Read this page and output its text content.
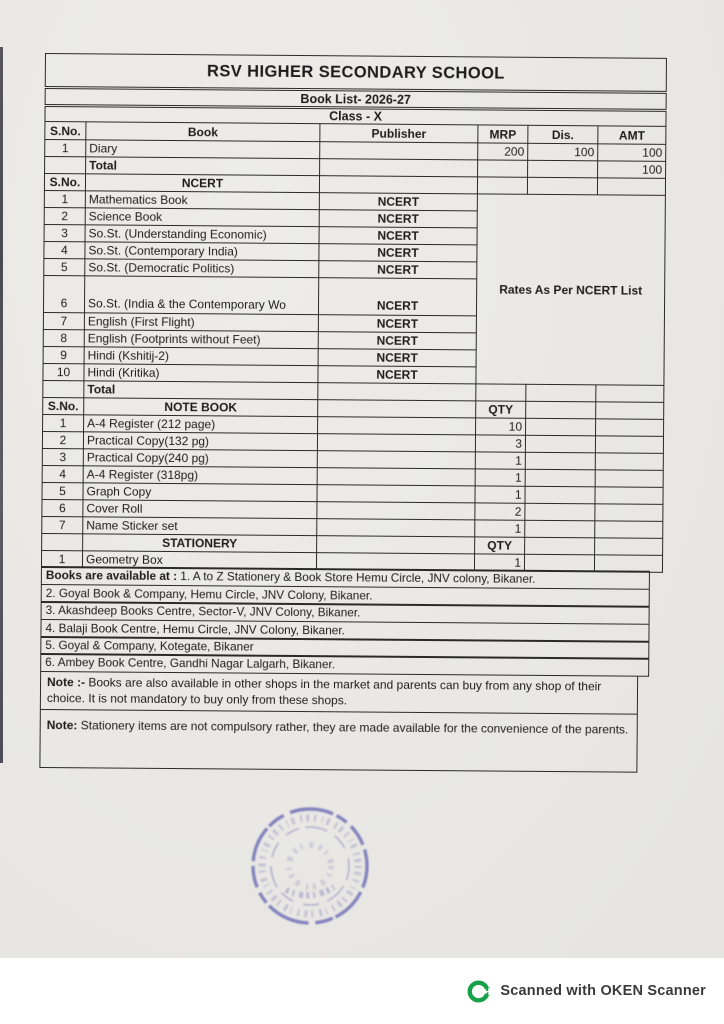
RSV HIGHER SECONDARY SCHOOL					
Book List- 2026-27					
Class - X					
S.No.	Book	Publisher	MRP	Dis.	AMT
1	Diary		200	100	100
	Total				100
S.No.	NCERT				
1	Mathematics Book	NCERT	Rates As Per NCERT List		
2	Science Book	NCERT			
3	So.St. (Understanding Economic)	NCERT			
4	So.St. (Contemporary India)	NCERT			
5	So.St. (Democratic Politics)	NCERT			
6	So.St. (India & the Contemporary Wo	NCERT			
7	English (First Flight)	NCERT			
8	English (Footprints without Feet)	NCERT			
9	Hindi (Kshitij-2)	NCERT			
10	Hindi (Kritika)	NCERT			
	Total				
S.No.	NOTE BOOK		QTY		
1	A-4 Register (212 page)		10		
2	Practical Copy(132 pg)		3		
3	Practical Copy(240 pg)		1		
4	A-4 Register (318pg)		1		
5	Graph Copy		1		
6	Cover Roll		2		
7	Name Sticker set		1		
	STATIONERY		QTY		
1	Geometry Box		1		
Books are available at : 1. A to Z Stationery & Book Store Hemu Circle, JNV colony, Bikaner.
2. Goyal Book & Company, Hemu Circle, JNV Colony, Bikaner.
3. Akashdeep Books Centre, Sector-V, JNV Colony, Bikaner.
4. Balaji Book Centre, Hemu Circle, JNV Colony, Bikaner.
5. Goyal & Company, Kotegate, Bikaner
6. Ambey Book Centre, Gandhi Nagar Lalgarh, Bikaner.
Note :- Books are also available in other shops in the market and parents can buy from any shop of their choice. It is not mandatory to buy only from these shops.
Note: Stationery items are not compulsory rather, they are made available for the convenience of the parents.
Scanned with OKEN Scanner
